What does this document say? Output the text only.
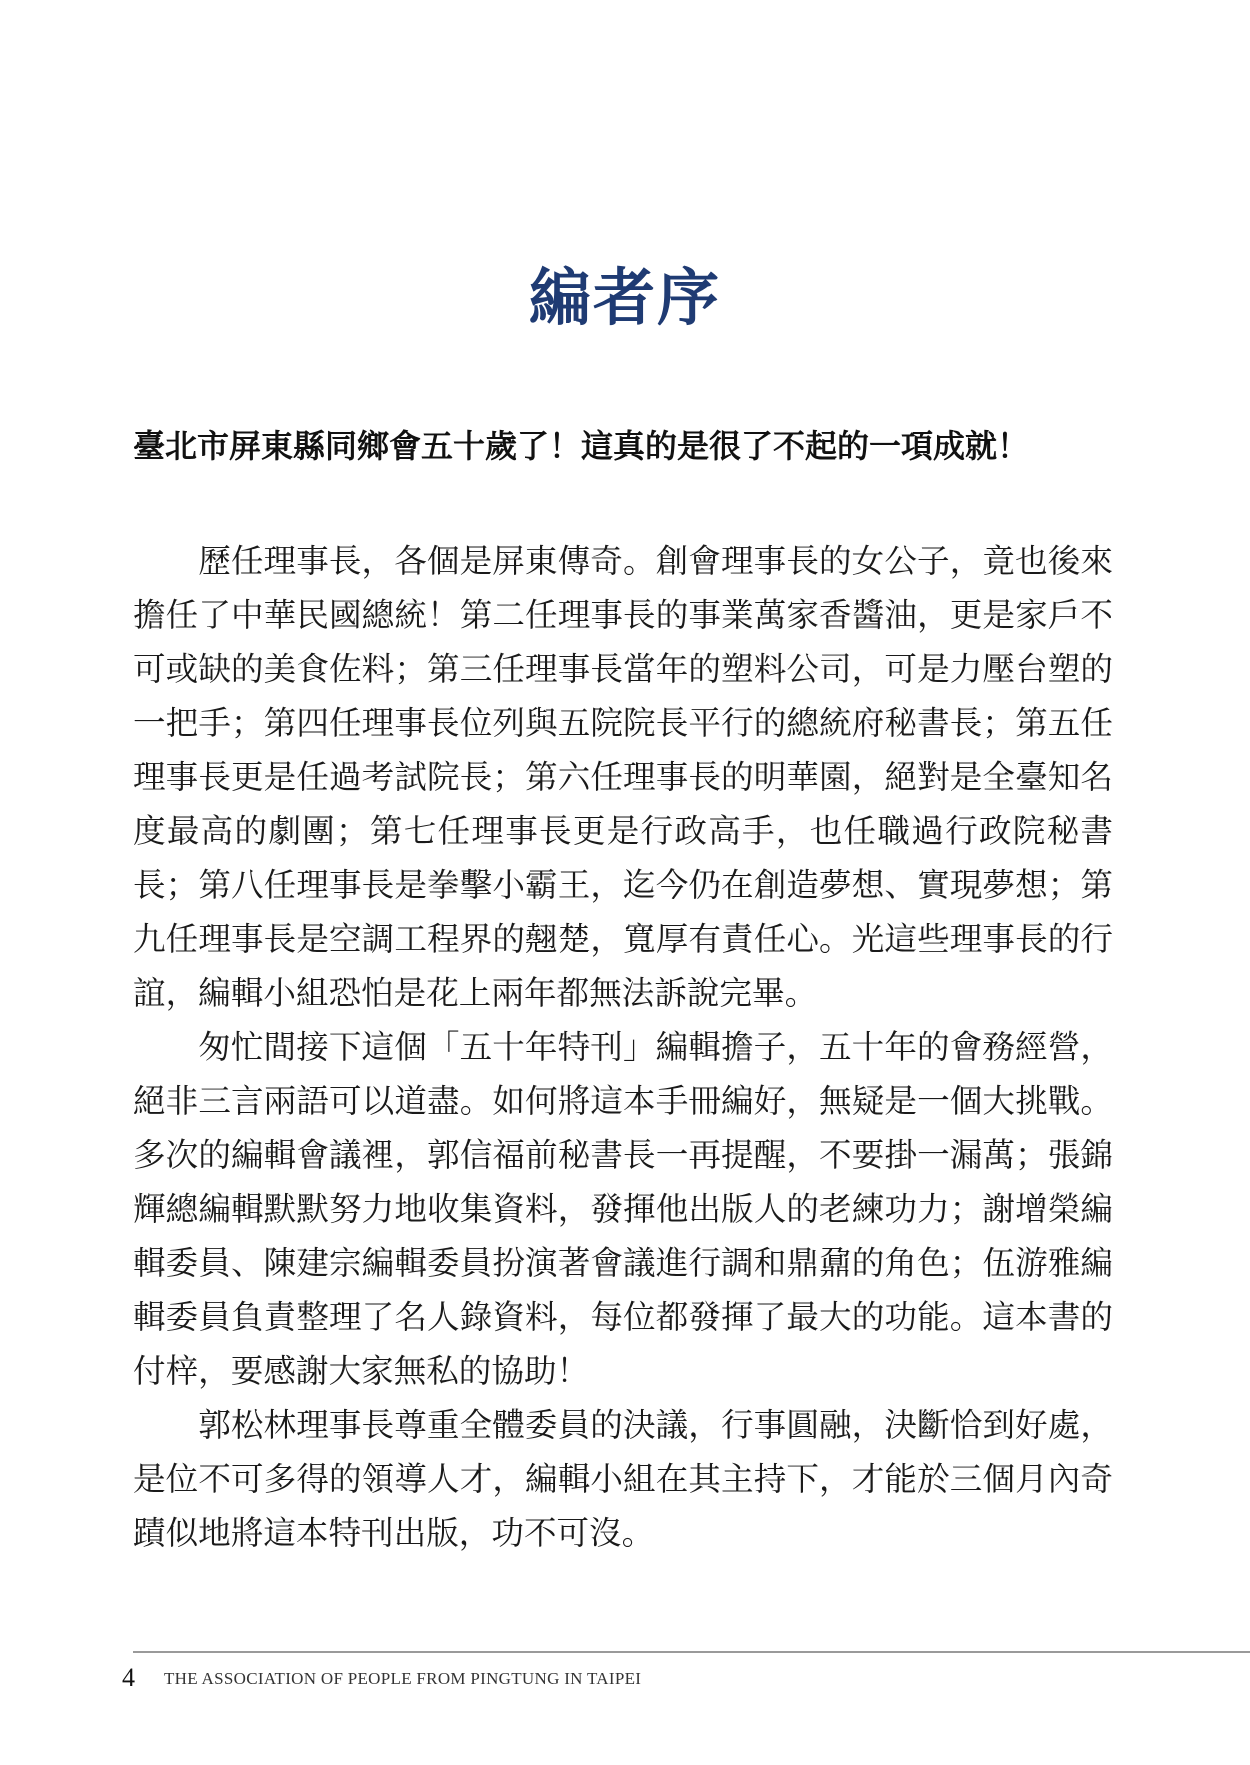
編者序
臺北市屏東縣同鄉會五十歲了！這真的是很了不起的一項成就！

歷任理事長，各個是屏東傳奇。創會理事長的女公子，竟也後來擔任了中華民國總統！第二任理事長的事業萬家香醬油，更是家戶不可或缺的美食佐料；第三任理事長當年的塑料公司，可是力壓台塑的一把手；第四任理事長位列與五院院長平行的總統府秘書長；第五任理事長更是任過考試院長；第六任理事長的明華園，絕對是全臺知名度最高的劇團；第七任理事長更是行政高手，也任職過行政院秘書長；第八任理事長是拳擊小霸王，迄今仍在創造夢想、實現夢想；第九任理事長是空調工程界的翹楚，寬厚有責任心。光這些理事長的行誼，編輯小組恐怕是花上兩年都無法訴說完畢。

匆忙間接下這個「五十年特刊」編輯擔子，五十年的會務經營，絕非三言兩語可以道盡。如何將這本手冊編好，無疑是一個大挑戰。多次的編輯會議裡，郭信福前秘書長一再提醒，不要掛一漏萬；張錦輝總編輯默默努力地收集資料，發揮他出版人的老練功力；謝增榮編輯委員、陳建宗編輯委員扮演著會議進行調和鼎鼐的角色；伍游雅編輯委員負責整理了名人錄資料，每位都發揮了最大的功能。這本書的付梓，要感謝大家無私的協助！

郭松林理事長尊重全體委員的決議，行事圓融，決斷恰到好處，是位不可多得的領導人才，編輯小組在其主持下，才能於三個月內奇蹟似地將這本特刊出版，功不可沒。

4 THE ASSOCIATION OF PEOPLE FROM PINGTUNG IN TAIPEI
